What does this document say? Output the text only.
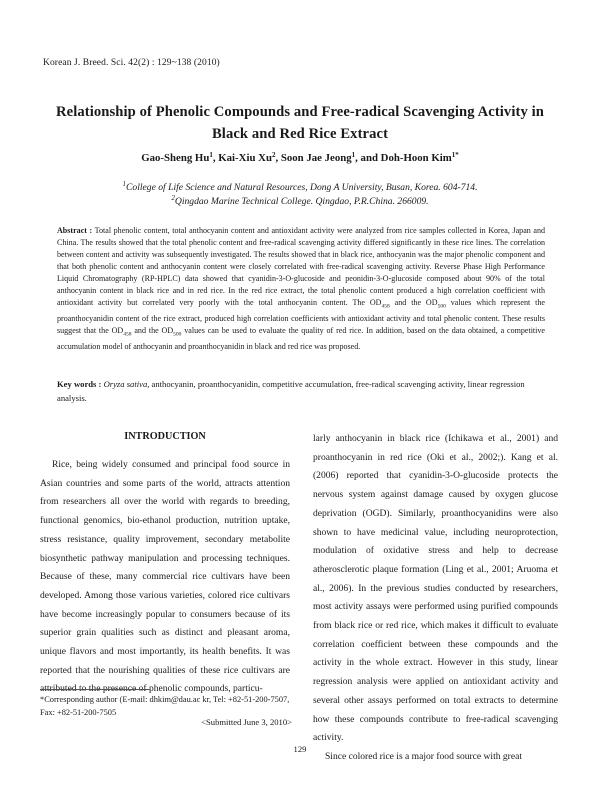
Korean J. Breed. Sci. 42(2) : 129~138 (2010)
Relationship of Phenolic Compounds and Free-radical Scavenging Activity in
Black and Red Rice Extract
Gao-Sheng Hu$^1$, Kai-Xiu Xu$^2$, Soon Jae Jeong$^1$, and Doh-Hoon Kim$^{1*}$
$^1$College of Life Science and Natural Resources, Dong A University, Busan, Korea. 604-714.
$^2$Qingdao Marine Technical College. Qingdao, P.R.China. 266009.
Abstract : Total phenolic content, total anthocyanin content and antioxidant activity were analyzed from rice samples collected in Korea, Japan and China. The results showed that the total phenolic content and free-radical scavenging activity differed significantly in these rice lines. The correlation between content and activity was subsequently investigated. The results showed that in black rice, anthocyanin was the major phenolic component and that both phenolic content and anthocyanin content were closely correlated with free-radical scavenging activity. Reverse Phase High Performance Liquid Chromatography (RP-HPLC) data showed that cyanidin-3-O-glucoside and peonidin-3-O-glucoside composed about 90% of the total anthocyanin content in black rice and in red rice. In the red rice extract, the total phenolic content produced a high correlation coefficient with antioxidant activity but correlated very poorly with the total anthocyanin content. The $OD_{458}$ and the $OD_{500}$ values which represent the proanthocyanidin content of the rice extract, produced high correlation coefficients with antioxidant activity and total phenolic content. These results suggest that the $OD_{458}$ and the $OD_{500}$ values can be used to evaluate the quality of red rice. In addition, based on the data obtained, a competitive accumulation model of anthocyanin and proanthocyanidin in black and red rice was proposed.
Key words : Oryza sativa, anthocyanin, proanthocyanidin, competitive accumulation, free-radical scavenging activity, linear regression analysis.
INTRODUCTION
Rice, being widely consumed and principal food source in Asian countries and some parts of the world, attracts attention from researchers all over the world with regards to breeding, functional genomics, bio-ethanol production, nutrition uptake, stress resistance, quality improvement, secondary metabolite biosynthetic pathway manipulation and processing techniques. Because of these, many commercial rice cultivars have been developed. Among those various varieties, colored rice cultivars have become increasingly popular to consumers because of its superior grain qualities such as distinct and pleasant aroma, unique flavors and most importantly, its health benefits. It was reported that the nourishing qualities of these rice cultivars are attributed to the presence of phenolic compounds, particu-
larly anthocyanin in black rice (Ichikawa et al., 2001) and proanthocyanin in red rice (Oki et al., 2002;). Kang et al. (2006) reported that cyanidin-3-O-glucoside protects the nervous system against damage caused by oxygen glucose deprivation (OGD). Similarly, proanthocyanidins were also shown to have medicinal value, including neuroprotection, modulation of oxidative stress and help to decrease atherosclerotic plaque formation (Ling et al., 2001; Aruoma et al., 2006). In the previous studies conducted by researchers, most activity assays were performed using purified compounds from black rice or red rice, which makes it difficult to evaluate correlation coefficient between these compounds and the activity in the whole extract. However in this study, linear regression analysis were applied on antioxidant activity and several other assays performed on total extracts to determine how these compounds contribute to free-radical scavenging activity.
Since colored rice is a major food source with great
*Corresponding author (E-mail: dhkim@dau.ac kr, Tel: +82-51-200-7507, Fax: +82-51-200-7505
<Submitted June 3, 2010>
129
